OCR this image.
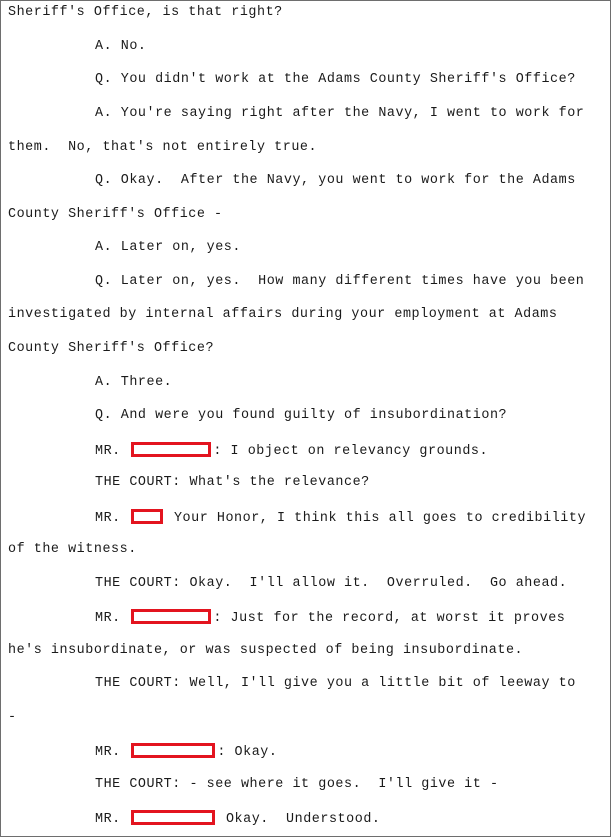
Sheriff's Office, is that right?
A. No.
Q. You didn't work at the Adams County Sheriff's Office?
A. You're saying right after the Navy, I went to work for
them.  No, that's not entirely true.
Q. Okay.  After the Navy, you went to work for the Adams
County Sheriff's Office -
A. Later on, yes.
Q. Later on, yes.  How many different times have you been
investigated by internal affairs during your employment at Adams
County Sheriff's Office?
A. Three.
Q. And were you found guilty of insubordination?
MR.	: I object on relevancy grounds.
THE COURT: What's the relevance?
MR.	Your Honor, I think this all goes to credibility
of the witness.
THE COURT: Okay.  I'll allow it.  Overruled.  Go ahead.
MR.	: Just for the record, at worst it proves
he's insubordinate, or was suspected of being insubordinate.
THE COURT: Well, I'll give you a little bit of leeway to
-
MR.	: Okay.
THE COURT: - see where it goes.  I'll give it -
MR.	Okay.  Understood.
